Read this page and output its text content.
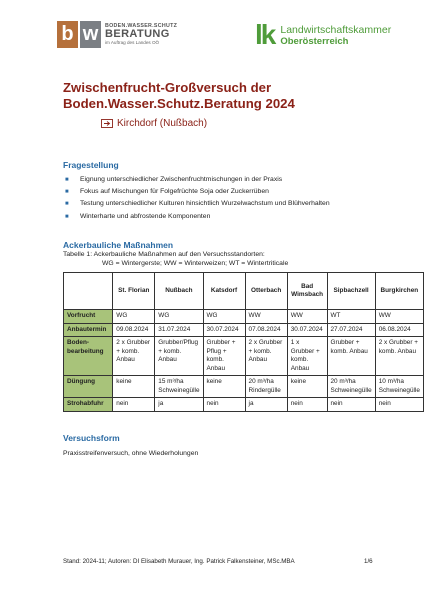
b w	BODEN.WASSER.SCHUTZ
BERATUNG
im Auftrag des Landes OÖ	lk Landwirtschaftskammer
Oberösterreich
Zwischenfrucht-Großversuch der Boden.Wasser.Schutz.Beratung 2024
Kirchdorf (Nußbach)
Fragestellung
■	Eignung unterschiedlicher Zwischenfruchtmischungen in der Praxis
■	Fokus auf Mischungen für Folgefrüchte Soja oder Zuckerrüben
■	Testung unterschiedlicher Kulturen hinsichtlich Wurzelwachstum und Blühverhalten
■	Winterharte und abfrostende Komponenten
Ackerbauliche Maßnahmen
Tabelle 1: Ackerbauliche Maßnahmen auf den Versuchsstandorten:
WG = Wintergerste; WW = Winterweizen; WT = Wintertriticale
	St. Florian	Nußbach	Katsdorf	Otterbach	Bad Wimsbach	Sipbachzell	Burgkirchen
Vorfrucht	WG	WG	WG	WW	WW	WT	WW
Anbautermin	09.08.2024	31.07.2024	30.07.2024	07.08.2024	30.07.2024	27.07.2024	06.08.2024
Boden-bearbeitung	2 x Grubber + komb. Anbau	Grubber/Pflug + komb. Anbau	Grubber + Pflug + komb. Anbau	2 x Grubber + komb. Anbau	1 x Grubber + komb. Anbau	Grubber + komb. Anbau	2 x Grubber + komb. Anbau
Düngung	keine	15 m³/ha Schweinegülle	keine	20 m³/ha Rindergülle	keine	20 m³/ha Schweinegülle	10 m³/ha Schweinegülle
Strohabfuhr	nein	ja	nein	ja	nein	nein	nein
Versuchsform
Praxisstreifenversuch, ohne Wiederholungen
Stand: 2024-11; Autoren: DI Elisabeth Murauer, Ing. Patrick Falkensteiner, MSc.MBA	1/6
